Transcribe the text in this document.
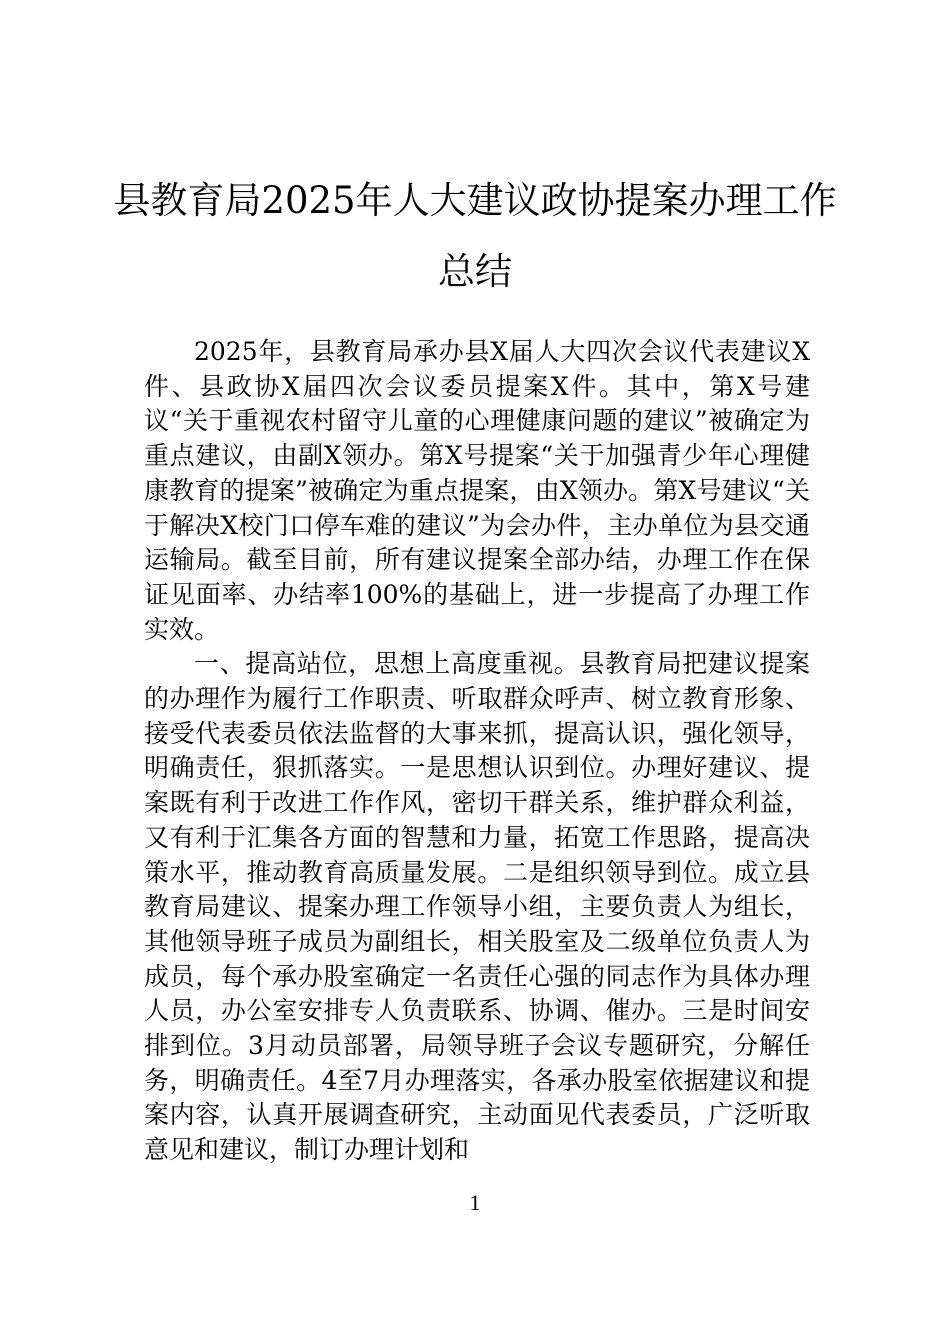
县教育局2025年人大建议政协提案办理工作总结

2025年，县教育局承办县X届人大四次会议代表建议X件、县政协X届四次会议委员提案X件。其中，第X号建议“关于重视农村留守儿童的心理健康问题的建议”被确定为重点建议，由副X领办。第X号提案“关于加强青少年心理健康教育的提案”被确定为重点提案，由X领办。第X号建议“关于解决X校门口停车难的建议”为会办件，主办单位为县交通运输局。截至目前，所有建议提案全部办结，办理工作在保证见面率、办结率100%的基础上，进一步提高了办理工作实效。

一、提高站位，思想上高度重视。县教育局把建议提案的办理作为履行工作职责、听取群众呼声、树立教育形象、接受代表委员依法监督的大事来抓，提高认识，强化领导，明确责任，狠抓落实。一是思想认识到位。办理好建议、提案既有利于改进工作作风，密切干群关系，维护群众利益，又有利于汇集各方面的智慧和力量，拓宽工作思路，提高决策水平，推动教育高质量发展。二是组织领导到位。成立县教育局建议、提案办理工作领导小组，主要负责人为组长，其他领导班子成员为副组长，相关股室及二级单位负责人为成员，每个承办股室确定一名责任心强的同志作为具体办理人员，办公室安排专人负责联系、协调、催办。三是时间安排到位。3月动员部署，局领导班子会议专题研究，分解任务，明确责任。4至7月办理落实，各承办股室依据建议和提案内容，认真开展调查研究，主动面见代表委员，广泛听取意见和建议，制订办理计划和

1
